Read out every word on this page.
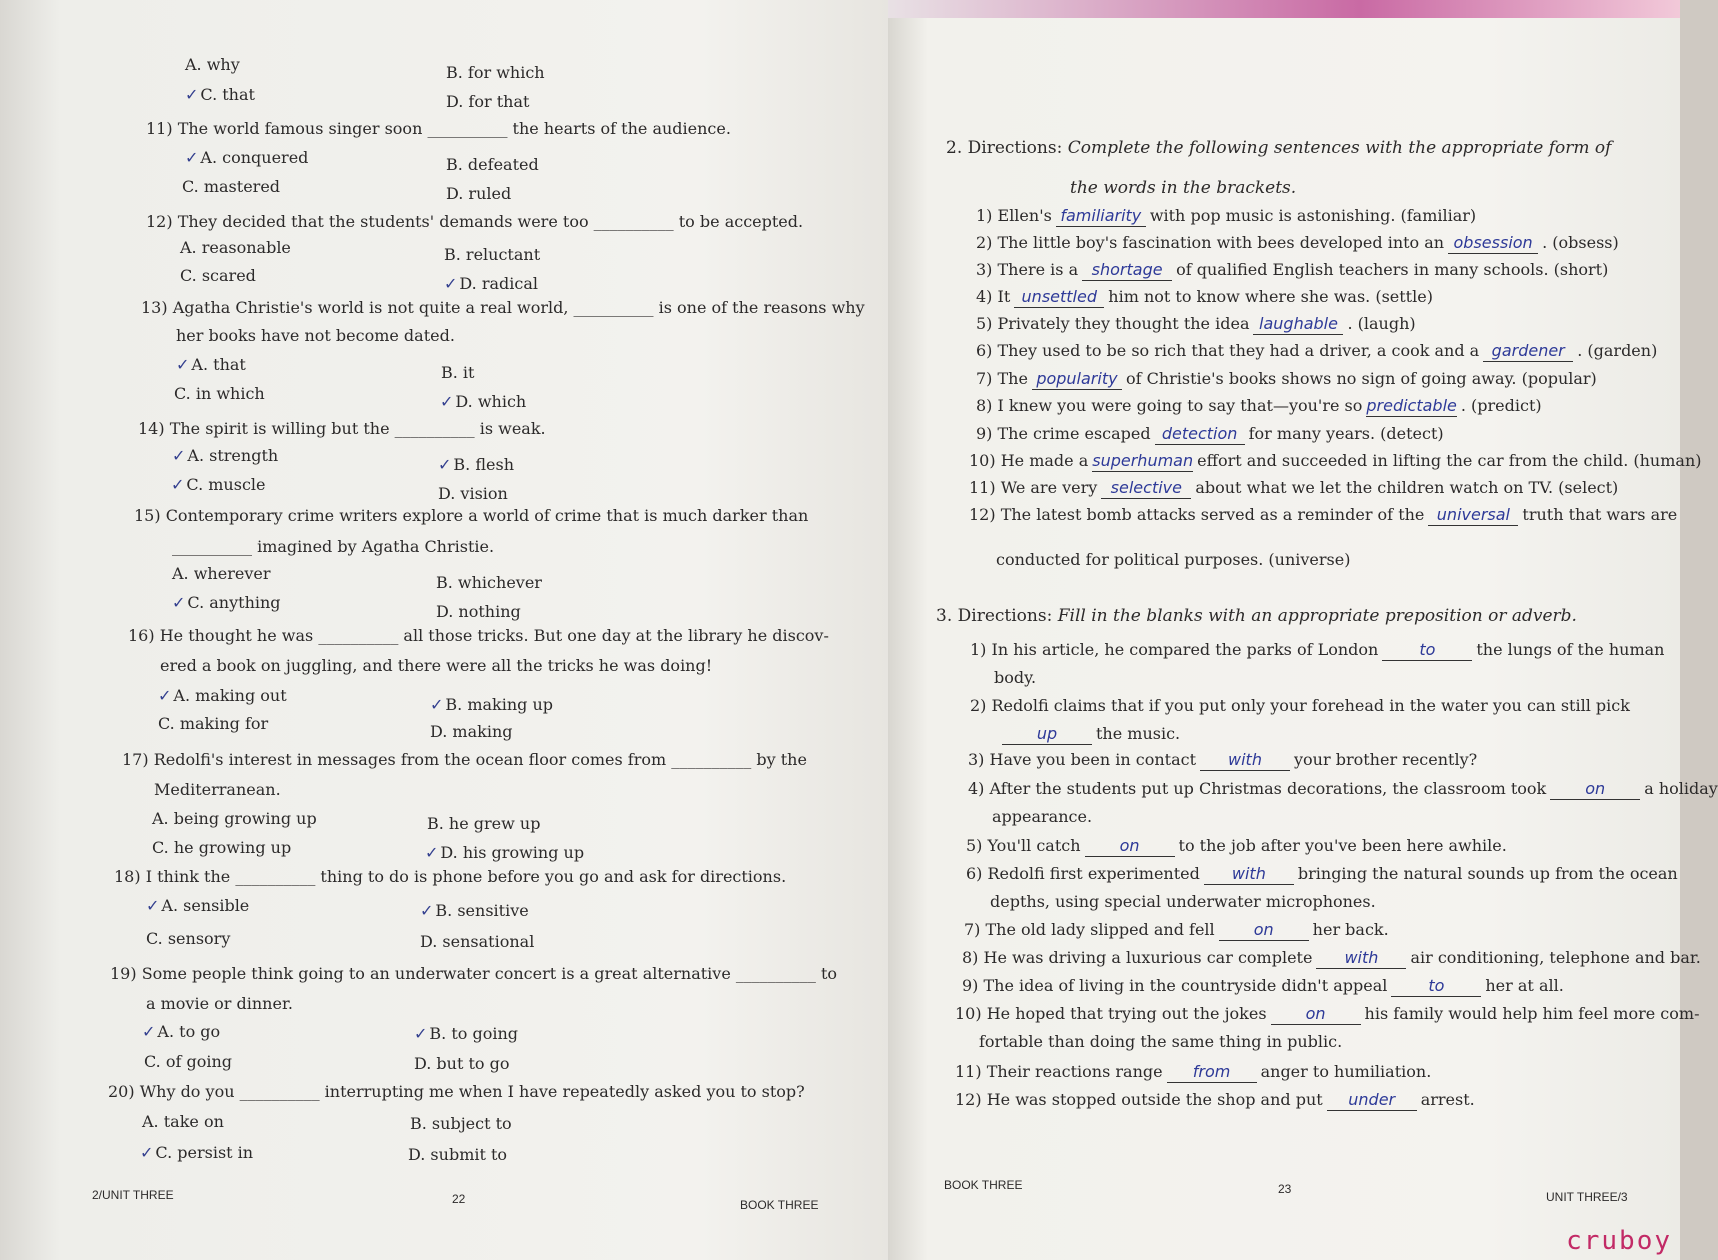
A. why	B. for which
✓ C. that	D. for that
11) The world famous singer soon __________ the hearts of the audience.
✓ A. conquered	B. defeated
C. mastered	D. ruled
12) They decided that the students' demands were too __________ to be accepted.
A. reasonable	B. reluctant
C. scared	✓ D. radical
13) Agatha Christie's world is not quite a real world, __________ is one of the reasons why
her books have not become dated.
✓ A. that	B. it
C. in which	✓ D. which
14) The spirit is willing but the __________ is weak.
✓ A. strength	✓ B. flesh
✓ C. muscle	D. vision
15) Contemporary crime writers explore a world of crime that is much darker than
__________ imagined by Agatha Christie.
A. wherever	B. whichever
✓ C. anything	D. nothing
16) He thought he was __________ all those tricks. But one day at the library he discov-
ered a book on juggling, and there were all the tricks he was doing!
✓ A. making out	✓ B. making up
C. making for	D. making
17) Redolfi's interest in messages from the ocean floor comes from __________ by the
Mediterranean.
A. being growing up	B. he grew up
C. he growing up	✓ D. his growing up
18) I think the __________ thing to do is phone before you go and ask for directions.
✓ A. sensible	✓ B. sensitive
C. sensory	D. sensational
19) Some people think going to an underwater concert is a great alternative __________ to
a movie or dinner.
✓ A. to go	✓ B. to going
C. of going	D. but to go
20) Why do you __________ interrupting me when I have repeatedly asked you to stop?
A. take on	B. subject to
✓ C. persist in	D. submit to
2. Directions: Complete the following sentences with the appropriate form of
the words in the brackets.
1) Ellen's familiarity with pop music is astonishing. (familiar)
2) The little boy's fascination with bees developed into an obsession . (obsess)
3) There is a shortage of qualified English teachers in many schools. (short)
4) It unsettled him not to know where she was. (settle)
5) Privately they thought the idea laughable . (laugh)
6) They used to be so rich that they had a driver, a cook and a gardener . (garden)
7) The popularity of Christie's books shows no sign of going away. (popular)
8) I knew you were going to say that—you're so predictable . (predict)
9) The crime escaped detection for many years. (detect)
10) He made a superhuman effort and succeeded in lifting the car from the child. (human)
11) We are very selective about what we let the children watch on TV. (select)
12) The latest bomb attacks served as a reminder of the universal truth that wars are
conducted for political purposes. (universe)
3. Directions: Fill in the blanks with an appropriate preposition or adverb.
1) In his article, he compared the parks of London	to	the lungs of the human
body.
2) Redolfi claims that if you put only your forehead in the water you can still pick
up the music.
3) Have you been in contact with your brother recently?
4) After the students put up Christmas decorations, the classroom took on a holiday
appearance.
5) You'll catch on to the job after you've been here awhile.
6) Redolfi first experimented with bringing the natural sounds up from the ocean
depths, using special underwater microphones.
7) The old lady slipped and fell on her back.
8) He was driving a luxurious car complete with air conditioning, telephone and bar.
9) The idea of living in the countryside didn't appeal	to	her at all.
10) He hoped that trying out the jokes on his family would help him feel more com-
fortable than doing the same thing in public.
11) Their reactions range from anger to humiliation.
12) He was stopped outside the shop and put under arrest.
2/UNIT THREE	22	BOOK THREE
BOOK THREE	23
UNIT THREE/3
cruboy
